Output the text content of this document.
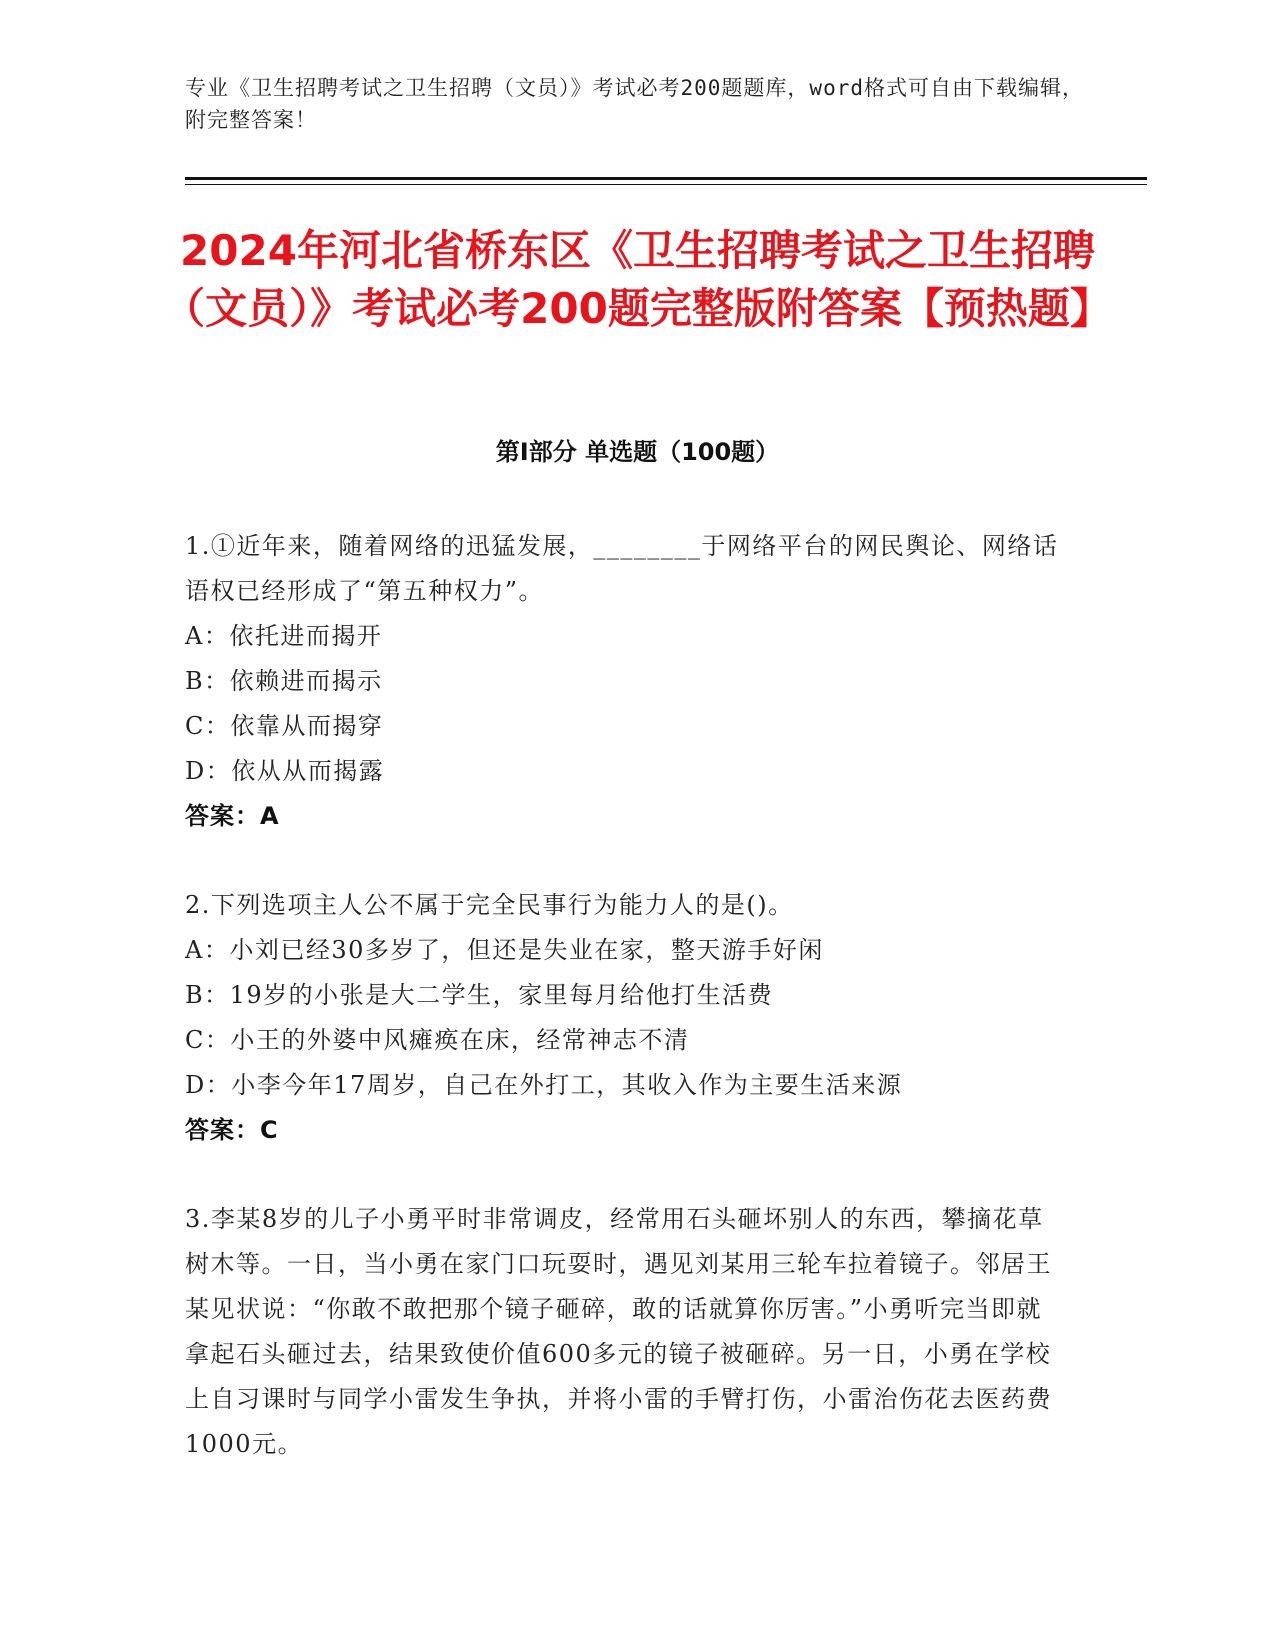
专业《卫生招聘考试之卫生招聘（文员）》考试必考200题题库，word格式可自由下载编辑，附完整答案！
2024年河北省桥东区《卫生招聘考试之卫生招聘（文员）》考试必考200题完整版附答案【预热题】
第Ⅰ部分 单选题（100题）
1.①近年来，随着网络的迅猛发展，________于网络平台的网民舆论、网络话语权已经形成了“第五种权力”。
A：依托进而揭开
B：依赖进而揭示
C：依靠从而揭穿
D：依从从而揭露
答案：A
2.下列选项主人公不属于完全民事行为能力人的是()。
A：小刘已经30多岁了，但还是失业在家，整天游手好闲
B：19岁的小张是大二学生，家里每月给他打生活费
C：小王的外婆中风瘫痪在床，经常神志不清
D：小李今年17周岁，自己在外打工，其收入作为主要生活来源
答案：C
3.李某8岁的儿子小勇平时非常调皮，经常用石头砸坏别人的东西，攀摘花草树木等。一日，当小勇在家门口玩耍时，遇见刘某用三轮车拉着镜子。邻居王某见状说：“你敢不敢把那个镜子砸碎，敢的话就算你厉害。”小勇听完当即就拿起石头砸过去，结果致使价值600多元的镜子被砸碎。另一日，小勇在学校上自习课时与同学小雷发生争执，并将小雷的手臂打伤，小雷治伤花去医药费1000元。
